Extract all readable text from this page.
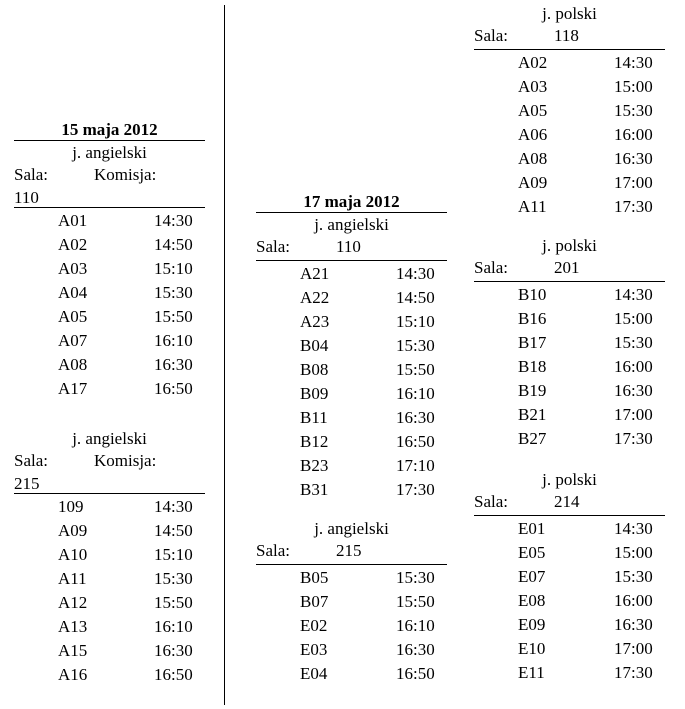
15 maja 2012
j. angielski
Sala:	Komisja:
110
A01	14:30
A02	14:50
A03	15:10
A04	15:30
A05	15:50
A07	16:10
A08	16:30
A17	16:50
j. angielski
Sala:	Komisja:
215
109	14:30
A09	14:50
A10	15:10
A11	15:30
A12	15:50
A13	16:10
A15	16:30
A16	16:50
17 maja 2012
j. angielski
Sala:	110
A21	14:30
A22	14:50
A23	15:10
B04	15:30
B08	15:50
B09	16:10
B11	16:30
B12	16:50
B23	17:10
B31	17:30
j. angielski
Sala:	215
B05	15:30
B07	15:50
E02	16:10
E03	16:30
E04	16:50
j. polski
Sala:	118
A02	14:30
A03	15:00
A05	15:30
A06	16:00
A08	16:30
A09	17:00
A11	17:30
j. polski
Sala:	201
B10	14:30
B16	15:00
B17	15:30
B18	16:00
B19	16:30
B21	17:00
B27	17:30
j. polski
Sala:	214
E01	14:30
E05	15:00
E07	15:30
E08	16:00
E09	16:30
E10	17:00
E11	17:30
